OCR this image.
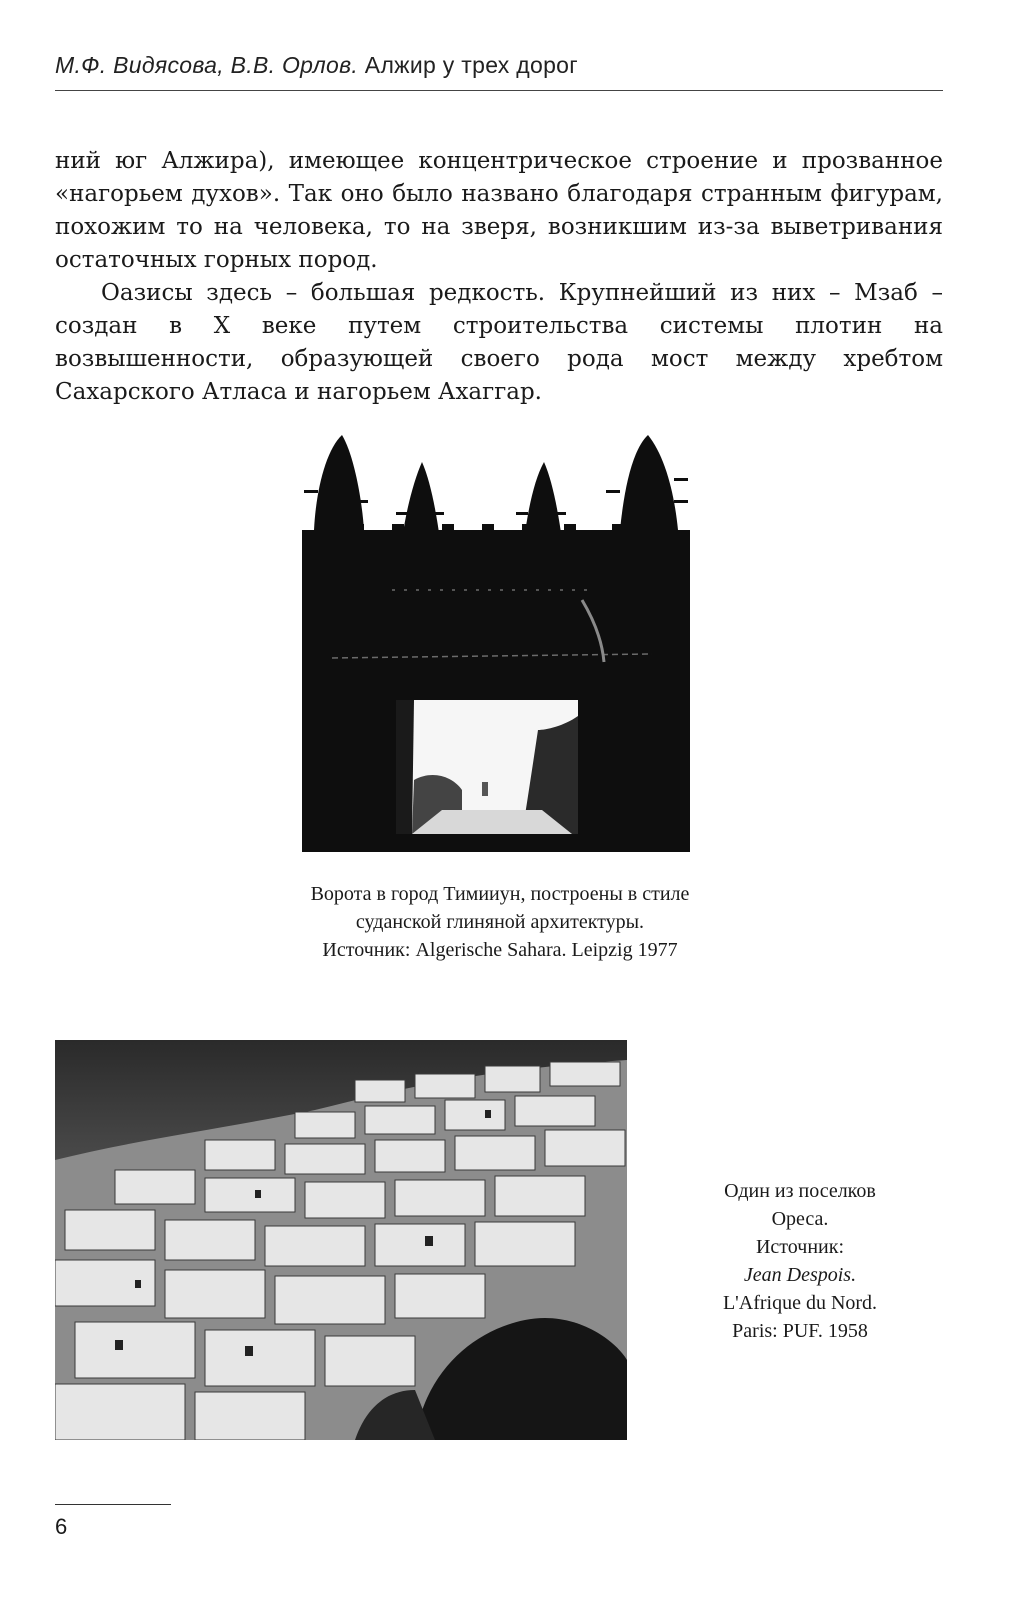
М.Ф. Видясова, В.В. Орлов. Алжир у трех дорог

ний юг Алжира), имеющее концентрическое строение и прозванное «нагорьем духов». Так оно было названо благодаря странным фигурам, похожим то на человека, то на зверя, возникшим из-за выветривания остаточных горных пород.

Оазисы здесь – большая редкость. Крупнейший из них – Мзаб – создан в X веке путем строительства системы плотин на возвышенности, образующей своего рода мост между хребтом Сахарского Атласа и нагорьем Ахаггар.

Ворота в город Тимииун, построены в стиле
суданской глиняной архитектуры.
Источник: Algerische Sahara. Leipzig 1977
Один из поселков
Ореса.
Источник:
Jean Despois.
L'Afrique du Nord.
Paris: PUF. 1958
6
